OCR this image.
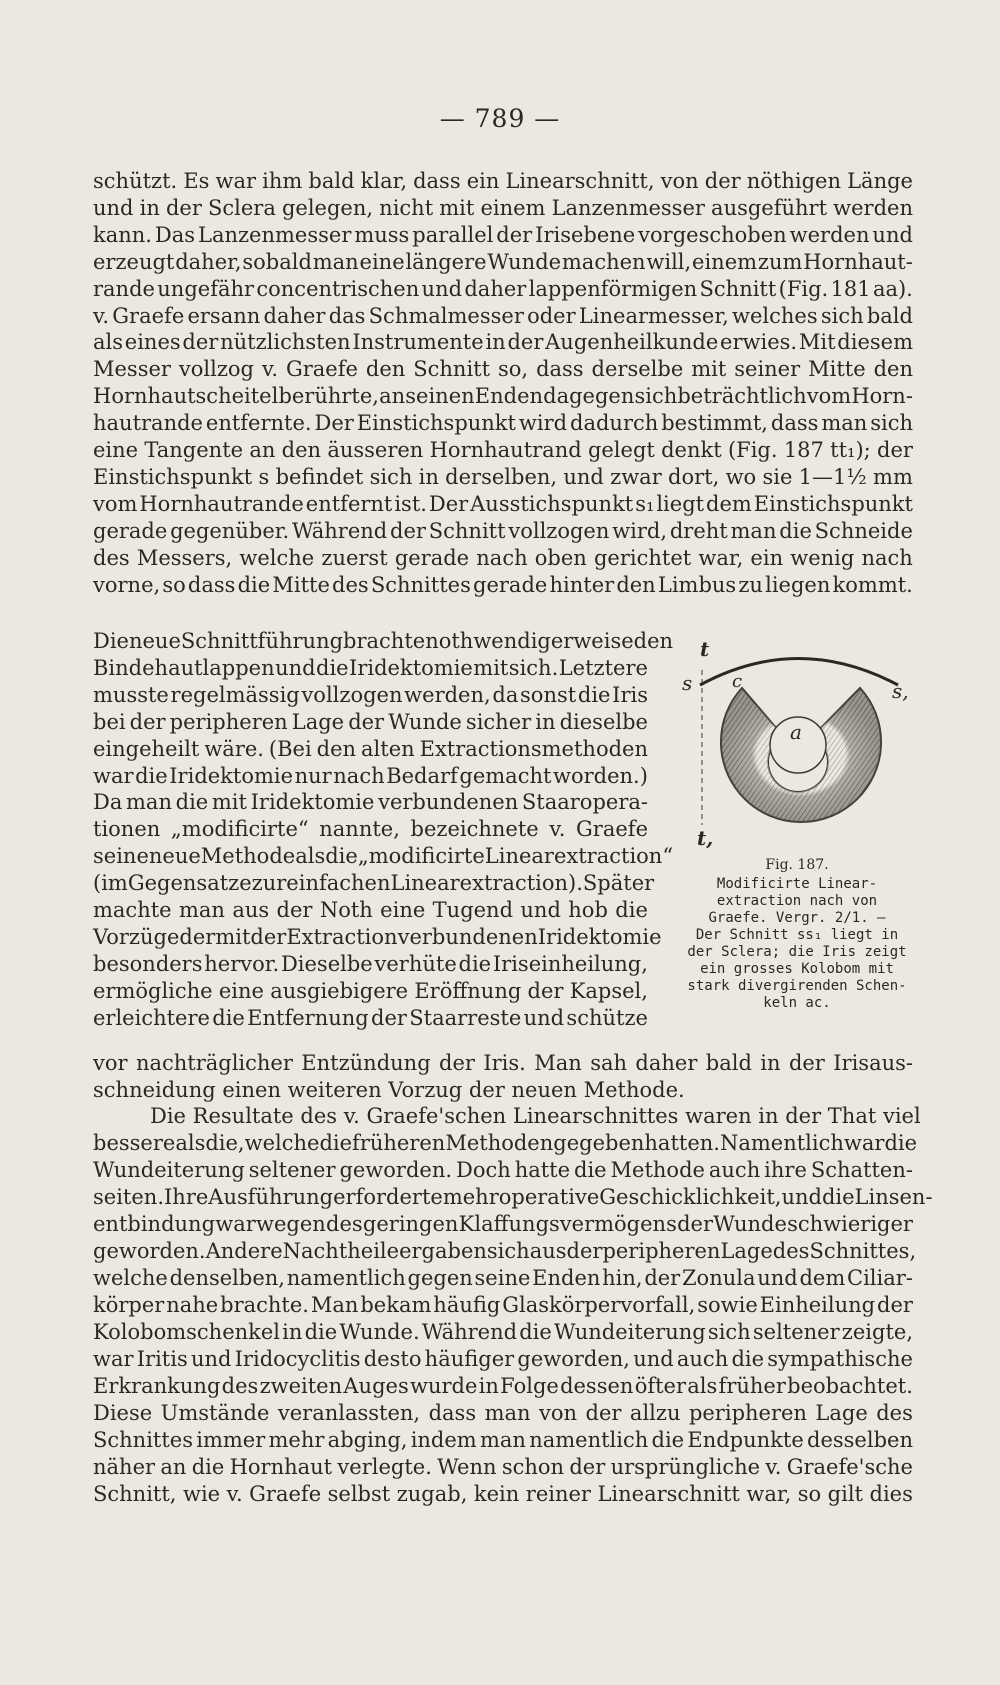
— 789 —
schützt. Es war ihm bald klar, dass ein Linearschnitt, von der nöthigen Länge
und in der Sclera gelegen, nicht mit einem Lanzenmesser ausgeführt werden
kann. Das Lanzenmesser muss parallel der Irisebene vorgeschoben werden und
erzeugt daher, sobald man eine längere Wunde machen will, einem zum Hornhaut-
rande ungefähr concentrischen und daher lappenförmigen Schnitt (Fig. 181 aa).
v. Graefe ersann daher das Schmalmesser oder Linearmesser, welches sich bald
als eines der nützlichsten Instrumente in der Augenheilkunde erwies. Mit diesem
Messer vollzog v. Graefe den Schnitt so, dass derselbe mit seiner Mitte den
Hornhautscheitel berührte, an seinen Enden dagegen sich beträchtlich vom Horn-
hautrande entfernte. Der Einstichspunkt wird dadurch bestimmt, dass man sich
eine Tangente an den äusseren Hornhautrand gelegt denkt (Fig. 187 tt₁); der
Einstichspunkt s befindet sich in derselben, und zwar dort, wo sie 1—1½ mm
vom Hornhautrande entfernt ist. Der Ausstichspunkt s₁ liegt dem Einstichspunkt
gerade gegenüber. Während der Schnitt vollzogen wird, dreht man die Schneide
des Messers, welche zuerst gerade nach oben gerichtet war, ein wenig nach
vorne, so dass die Mitte des Schnittes gerade hinter den Limbus zu liegen kommt.
Die neue Schnittführung brachte nothwendigerweise den
Bindehautlappen und die Iridektomie mit sich. Letztere
musste regelmässig vollzogen werden, da sonst die Iris
bei der peripheren Lage der Wunde sicher in dieselbe
eingeheilt wäre. (Bei den alten Extractionsmethoden
war die Iridektomie nur nach Bedarf gemacht worden.)
Da man die mit Iridektomie verbundenen Staaropera-
tionen „modificirte“ nannte, bezeichnete v. Graefe
seine neue Methode als die „modificirte Linearextraction“
(im Gegensatze zur einfachen Linearextraction). Später
machte man aus der Noth eine Tugend und hob die
Vorzüge der mit der Extraction verbundenen Iridektomie
besonders hervor. Dieselbe verhüte die Iriseinheilung,
ermögliche eine ausgiebigere Eröffnung der Kapsel,
erleichtere die Entfernung der Staarreste und schütze
vor nachträglicher Entzündung der Iris. Man sah daher bald in der Irisaus-
schneidung einen weiteren Vorzug der neuen Methode.
Die Resultate des v. Graefe'schen Linearschnittes waren in der That viel
bessere als die, welche die früheren Methoden gegeben hatten. Namentlich war die
Wundeiterung seltener geworden. Doch hatte die Methode auch ihre Schatten-
seiten. Ihre Ausführung erforderte mehr operative Geschicklichkeit, und die Linsen-
entbindung war wegen des geringen Klaffungsvermögens der Wunde schwieriger
geworden. Andere Nachtheile ergaben sich aus der peripheren Lage des Schnittes,
welche denselben, namentlich gegen seine Enden hin, der Zonula und dem Ciliar-
körper nahe brachte. Man bekam häufig Glaskörpervorfall, sowie Einheilung der
Kolobomschenkel in die Wunde. Während die Wundeiterung sich seltener zeigte,
war Iritis und Iridocyclitis desto häufiger geworden, und auch die sympathische
Erkrankung des zweiten Auges wurde in Folge dessen öfter als früher beobachtet.
Diese Umstände veranlassten, dass man von der allzu peripheren Lage des
Schnittes immer mehr abging, indem man namentlich die Endpunkte desselben
näher an die Hornhaut verlegte. Wenn schon der ursprüngliche v. Graefe'sche
Schnitt, wie v. Graefe selbst zugab, kein reiner Linearschnitt war, so gilt dies
t
t,
s	s,
c
a
Fig. 187.
Modificirte Linear-
extraction nach von
Graefe. Vergr. 2/1. —
Der Schnitt ss₁ liegt in
der Sclera; die Iris zeigt
ein grosses Kolobom mit
stark divergirenden Schen-
keln ac.
